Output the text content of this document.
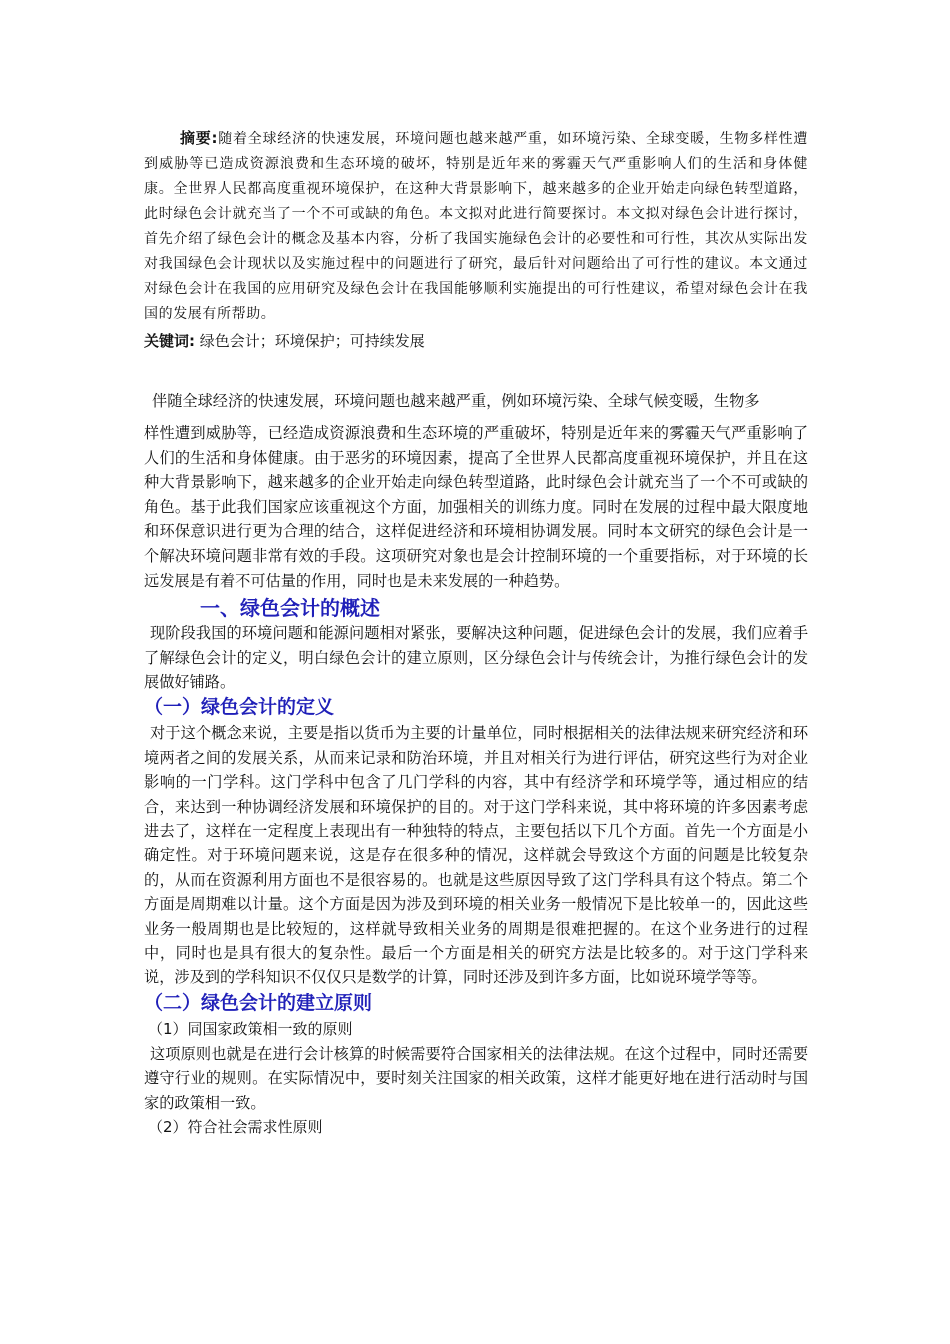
摘要:随着全球经济的快速发展，环境问题也越来越严重，如环境污染、全球变暖，生物多样性遭到威胁等已造成资源浪费和生态环境的破坏，特别是近年来的雾霾天气严重影响人们的生活和身体健康。全世界人民都高度重视环境保护，在这种大背景影响下，越来越多的企业开始走向绿色转型道路，此时绿色会计就充当了一个不可或缺的角色。本文拟对此进行简要探讨。本文拟对绿色会计进行探讨，首先介绍了绿色会计的概念及基本内容，分析了我国实施绿色会计的必要性和可行性，其次从实际出发对我国绿色会计现状以及实施过程中的问题进行了研究，最后针对问题给出了可行性的建议。本文通过对绿色会计在我国的应用研究及绿色会计在我国能够顺利实施提出的可行性建议，希望对绿色会计在我国的发展有所帮助。

关键词: 绿色会计；环境保护；可持续发展

伴随全球经济的快速发展，环境问题也越来越严重，例如环境污染、全球气候变暖，生物多

样性遭到威胁等，已经造成资源浪费和生态环境的严重破坏，特别是近年来的雾霾天气严重影响了人们的生活和身体健康。由于恶劣的环境因素，提高了全世界人民都高度重视环境保护，并且在这种大背景影响下，越来越多的企业开始走向绿色转型道路，此时绿色会计就充当了一个不可或缺的角色。基于此我们国家应该重视这个方面，加强相关的训练力度。同时在发展的过程中最大限度地和环保意识进行更为合理的结合，这样促进经济和环境相协调发展。同时本文研究的绿色会计是一个解决环境问题非常有效的手段。这项研究对象也是会计控制环境的一个重要指标，对于环境的长远发展是有着不可估量的作用，同时也是未来发展的一种趋势。

一、绿色会计的概述

现阶段我国的环境问题和能源问题相对紧张，要解决这种问题，促进绿色会计的发展，我们应着手了解绿色会计的定义，明白绿色会计的建立原则，区分绿色会计与传统会计，为推行绿色会计的发展做好铺路。

（一）绿色会计的定义

对于这个概念来说，主要是指以货币为主要的计量单位，同时根据相关的法律法规来研究经济和环境两者之间的发展关系，从而来记录和防治环境，并且对相关行为进行评估，研究这些行为对企业影响的一门学科。这门学科中包含了几门学科的内容，其中有经济学和环境学等，通过相应的结合，来达到一种协调经济发展和环境保护的目的。对于这门学科来说，其中将环境的许多因素考虑进去了，这样在一定程度上表现出有一种独特的特点，主要包括以下几个方面。首先一个方面是小确定性。对于环境问题来说，这是存在很多种的情况，这样就会导致这个方面的问题是比较复杂的，从而在资源利用方面也不是很容易的。也就是这些原因导致了这门学科具有这个特点。第二个方面是周期难以计量。这个方面是因为涉及到环境的相关业务一般情况下是比较单一的，因此这些业务一般周期也是比较短的，这样就导致相关业务的周期是很难把握的。在这个业务进行的过程中，同时也是具有很大的复杂性。最后一个方面是相关的研究方法是比较多的。对于这门学科来说，涉及到的学科知识不仅仅只是数学的计算，同时还涉及到许多方面，比如说环境学等等。

（二）绿色会计的建立原则

（1）同国家政策相一致的原则

这项原则也就是在进行会计核算的时候需要符合国家相关的法律法规。在这个过程中，同时还需要遵守行业的规则。在实际情况中，要时刻关注国家的相关政策，这样才能更好地在进行活动时与国家的政策相一致。

（2）符合社会需求性原则
